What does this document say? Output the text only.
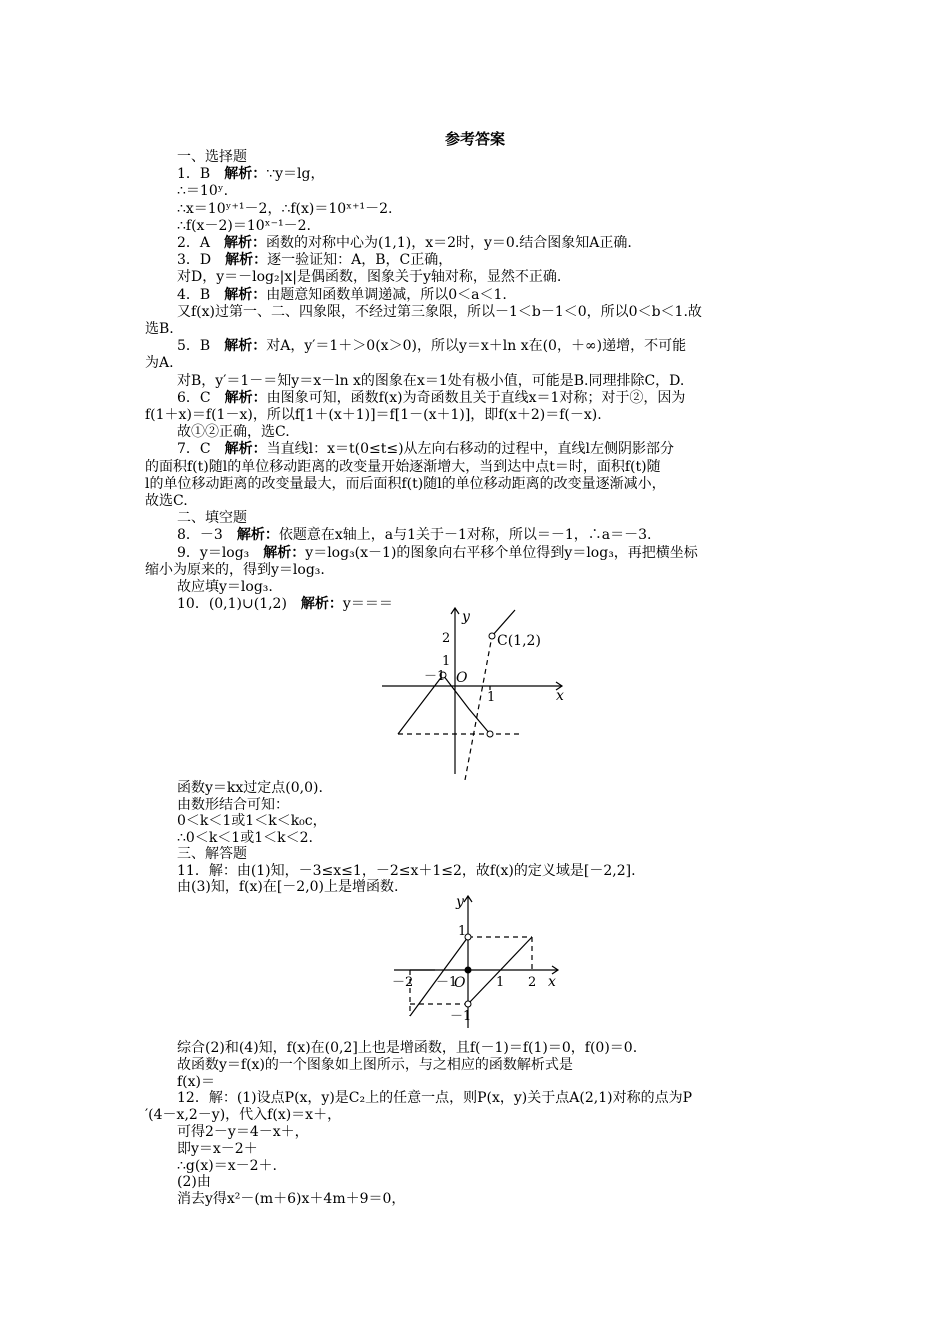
参考答案
一、选择题
1．B　解析：∵y＝lg，
∴＝10ʸ.
∴x＝10ʸ⁺¹－2，∴f(x)＝10ˣ⁺¹－2.
∴f(x－2)＝10ˣ⁻¹－2.
2．A　解析：函数的对称中心为(1,1)，x＝2时，y＝0.结合图象知A正确.
3．D　解析：逐一验证知：A，B，C正确，
对D，y＝－log₂|x|是偶函数，图象关于y轴对称，显然不正确.
4．B　解析：由题意知函数单调递减，所以0＜a＜1.
又f(x)过第一、二、四象限，不经过第三象限，所以－1＜b－1＜0，所以0＜b＜1.故
选B.
5．B　解析：对A，y′＝1＋＞0(x＞0)，所以y＝x＋ln x在(0，＋∞)递增，不可能
为A.
对B，y′＝1－＝知y＝x－ln x的图象在x＝1处有极小值，可能是B.同理排除C，D.
6．C　解析：由图象可知，函数f(x)为奇函数且关于直线x＝1对称；对于②，因为
f(1＋x)＝f(1－x)，所以f[1＋(x＋1)]＝f[1－(x＋1)]，即f(x＋2)＝f(－x).
故①②正确，选C.
7．C　解析：当直线l：x＝t(0≤t≤)从左向右移动的过程中，直线l左侧阴影部分
的面积f(t)随l的单位移动距离的改变量开始逐渐增大，当到达中点t＝时，面积f(t)随
l的单位移动距离的改变量最大，而后面积f(t)随l的单位移动距离的改变量逐渐减小，
故选C.
二、填空题
8．－3　解析：依题意在x轴上，a与1关于－1对称，所以＝－1，∴a＝－3.
9．y＝log₃　解析：y＝log₃(x－1)的图象向右平移个单位得到y＝log₃，再把横坐标
缩小为原来的，得到y＝log₃.
故应填y＝log₃.
10．(0,1)∪(1,2)　解析：y＝＝＝
y
x
O
2
1
－1
1
C(1,2)
函数y＝kx过定点(0,0).
由数形结合可知：
0＜k＜1或1＜k＜k₀c，
∴0＜k＜1或1＜k＜2.
三、解答题
11．解：由(1)知，－3≤x≤1，－2≤x＋1≤2，故f(x)的定义域是[－2,2].
由(3)知，f(x)在[－2,0)上是增函数.
y
x
O
－2 －1	1 2
1
－1
综合(2)和(4)知，f(x)在(0,2]上也是增函数，且f(－1)＝f(1)＝0，f(0)＝0.
故函数y＝f(x)的一个图象如上图所示，与之相应的函数解析式是
f(x)＝
12．解：(1)设点P(x，y)是C₂上的任意一点，则P(x，y)关于点A(2,1)对称的点为P
′(4－x,2－y)，代入f(x)＝x＋，
可得2－y＝4－x＋，
即y＝x－2＋
∴g(x)＝x－2＋.
(2)由
消去y得x²－(m＋6)x＋4m＋9＝0，
